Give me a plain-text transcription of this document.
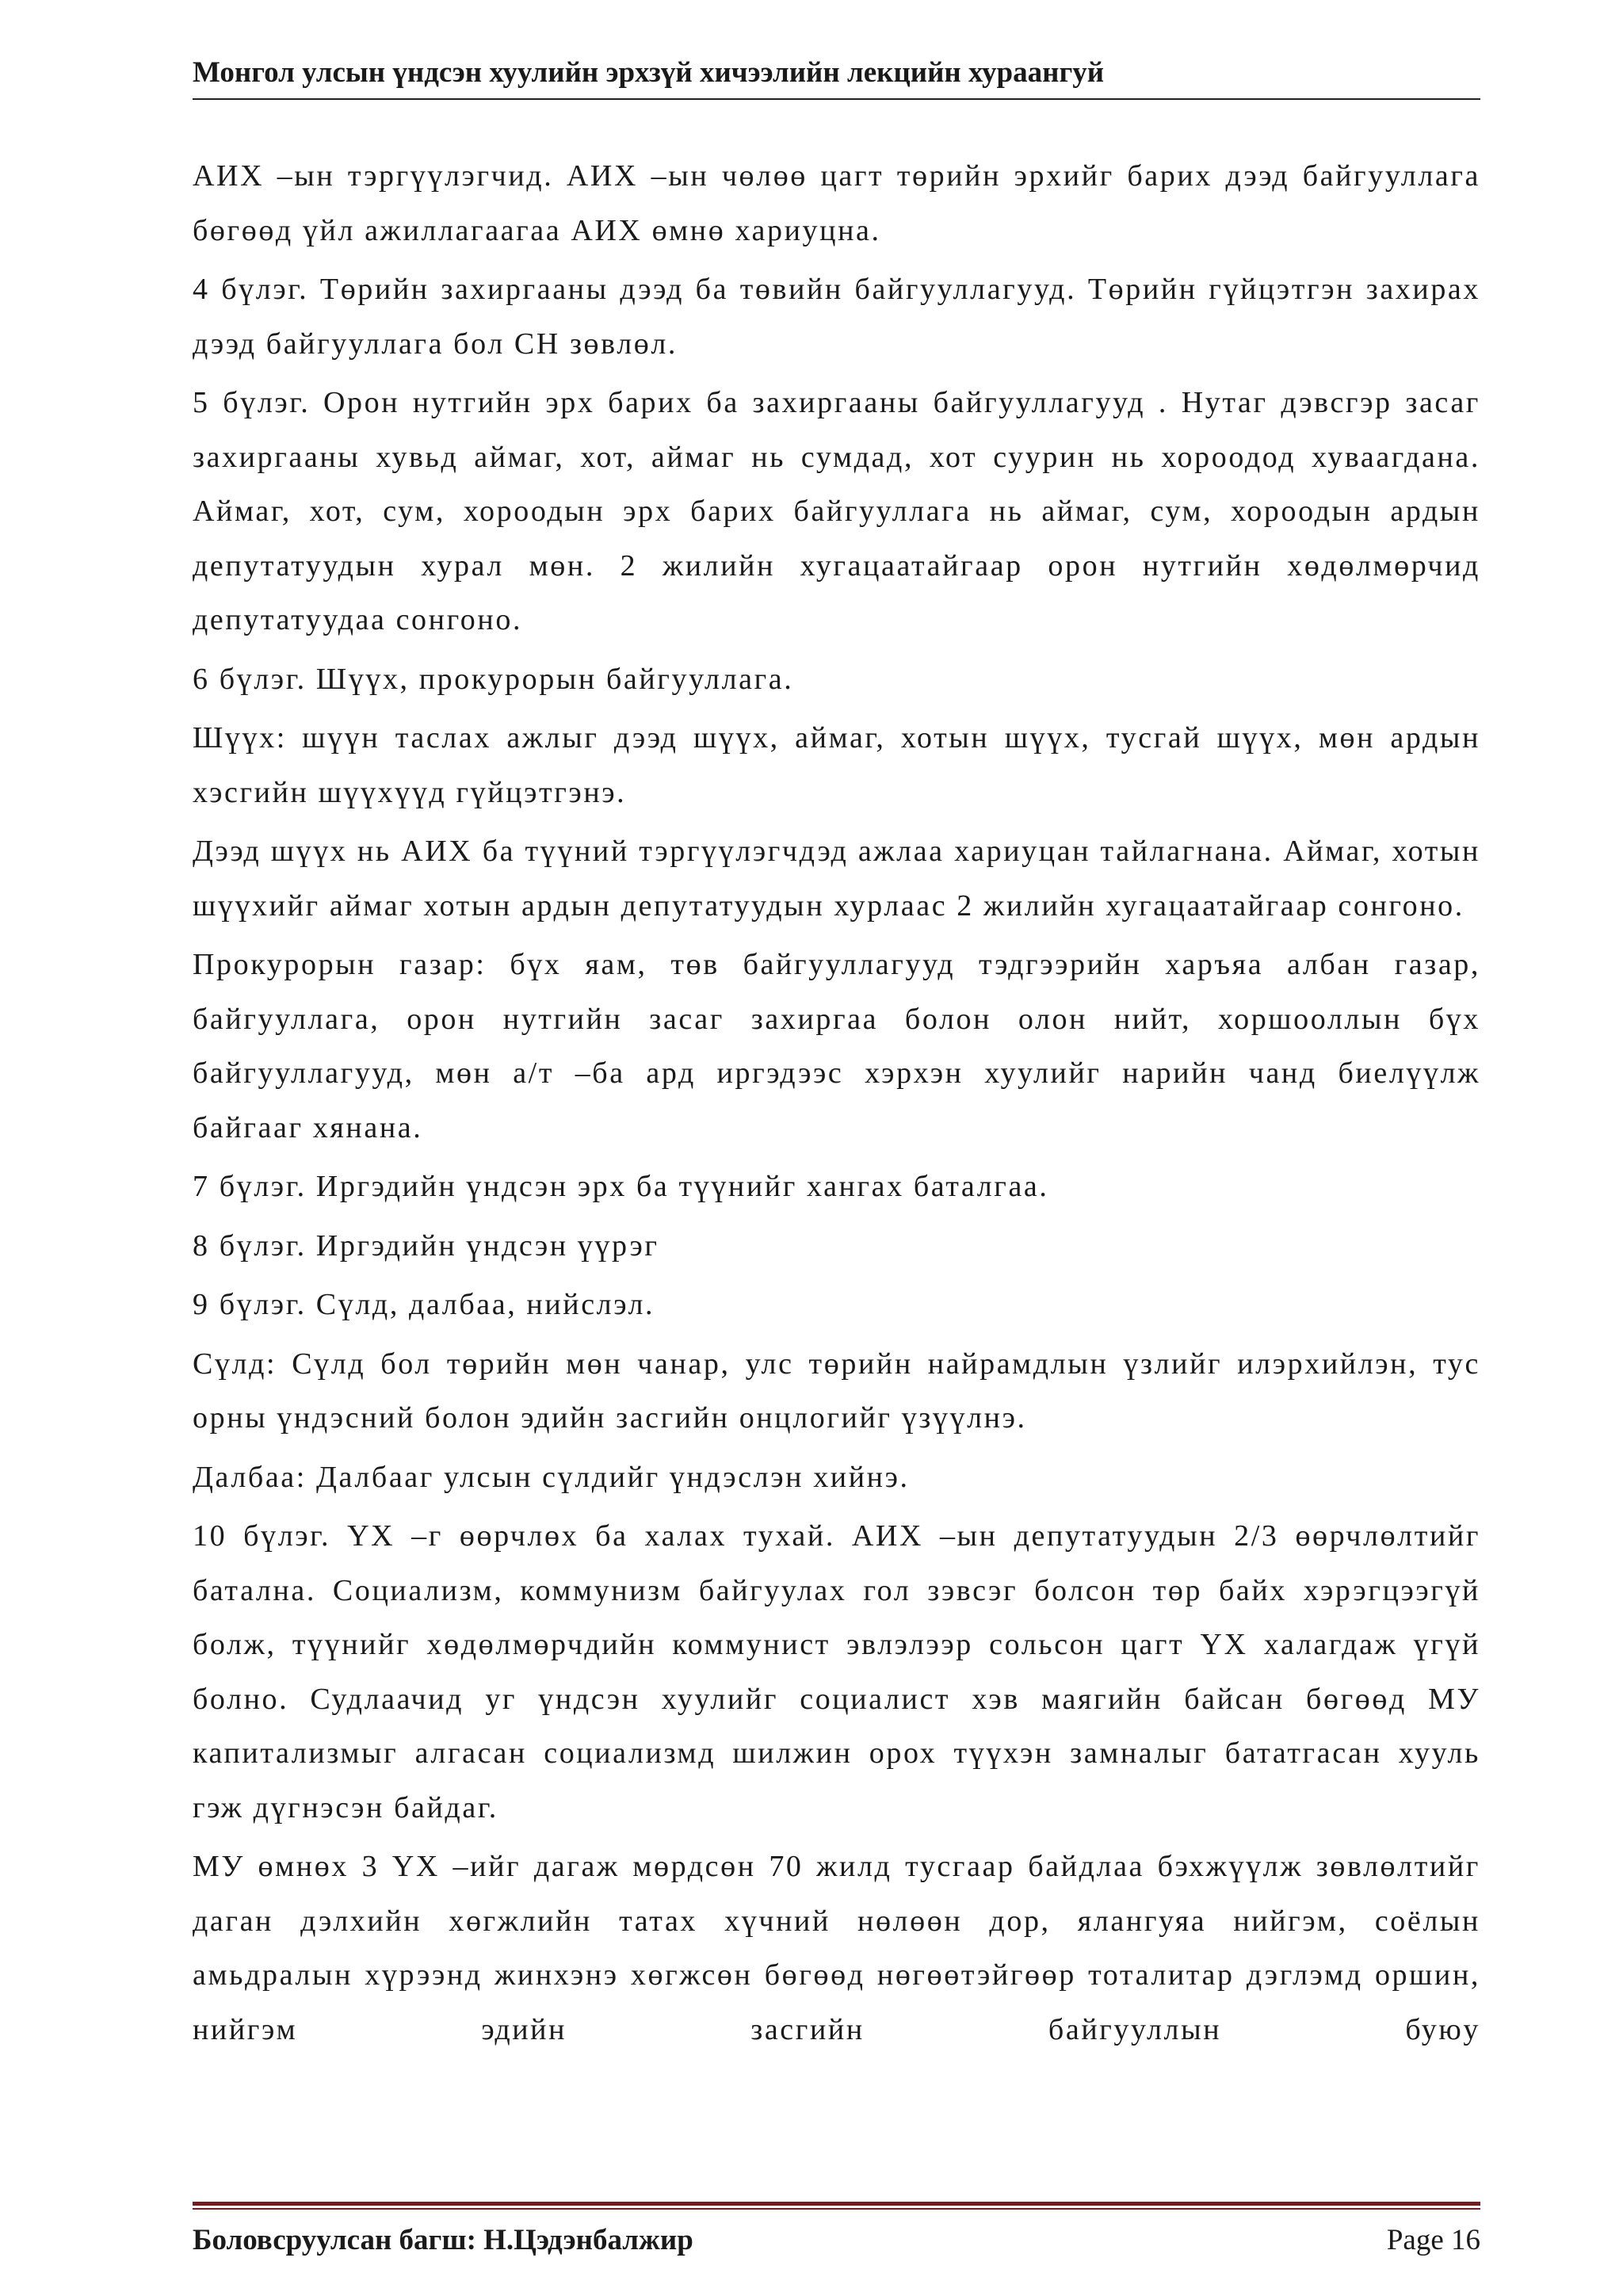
Монгол улсын үндсэн хуулийн эрхзүй хичээлийн лекцийн хураангуй

АИХ –ын тэргүүлэгчид. АИХ –ын чөлөө цагт төрийн эрхийг барих дээд байгууллага бөгөөд үйл ажиллагаагаа АИХ өмнө хариуцна.

4 бүлэг. Төрийн захиргааны дээд ба төвийн байгууллагууд. Төрийн гүйцэтгэн захирах дээд байгууллага бол СН зөвлөл.

5 бүлэг. Орон нутгийн эрх барих ба захиргааны байгууллагууд . Нутаг дэвсгэр засаг захиргааны хувьд аймаг, хот, аймаг нь сумдад, хот суурин нь хороодод хуваагдана. Аймаг, хот, сум, хороодын эрх барих байгууллага нь аймаг, сум, хороодын ардын депутатуудын хурал мөн. 2 жилийн хугацаатайгаар орон нутгийн хөдөлмөрчид депутатуудаа сонгоно.

6 бүлэг. Шүүх, прокурорын байгууллага.

Шүүх: шүүн таслах ажлыг дээд шүүх, аймаг, хотын шүүх, тусгай шүүх, мөн ардын хэсгийн шүүхүүд гүйцэтгэнэ.

Дээд шүүх нь АИХ ба түүний тэргүүлэгчдэд ажлаа хариуцан тайлагнана. Аймаг, хотын шүүхийг аймаг хотын ардын депутатуудын хурлаас 2 жилийн хугацаатайгаар сонгоно.

Прокурорын газар: бүх яам, төв байгууллагууд тэдгээрийн харъяа албан газар, байгууллага, орон нутгийн засаг захиргаа болон олон нийт, хоршооллын бүх байгууллагууд, мөн а/т –ба ард иргэдээс хэрхэн хуулийг нарийн чанд биелүүлж байгааг хянана.

7 бүлэг. Иргэдийн үндсэн эрх ба түүнийг хангах баталгаа.

8 бүлэг. Иргэдийн үндсэн үүрэг

9 бүлэг. Сүлд, далбаа, нийслэл.

Сүлд: Сүлд бол төрийн мөн чанар, улс төрийн найрамдлын үзлийг илэрхийлэн, тус орны үндэсний болон эдийн засгийн онцлогийг үзүүлнэ.

Далбаа: Далбааг улсын сүлдийг үндэслэн хийнэ.

10 бүлэг. ҮХ –г өөрчлөх ба халах тухай. АИХ –ын депутатуудын 2/3 өөрчлөлтийг батална. Социализм, коммунизм байгуулах гол зэвсэг болсон төр байх хэрэгцээгүй болж, түүнийг хөдөлмөрчдийн коммунист эвлэлээр сольсон цагт ҮХ халагдаж үгүй болно. Судлаачид уг үндсэн хуулийг социалист хэв маягийн байсан бөгөөд МУ капитализмыг алгасан социализмд шилжин орох түүхэн замналыг бататгасан хууль гэж дүгнэсэн байдаг.

МУ өмнөх 3 ҮХ –ийг дагаж мөрдсөн 70 жилд тусгаар байдлаа бэхжүүлж зөвлөлтийг даган дэлхийн хөгжлийн татах хүчний нөлөөн дор, ялангуяа нийгэм, соёлын амьдралын хүрээнд жинхэнэ хөгжсөн бөгөөд нөгөөтэйгөөр тоталитар дэглэмд оршин, нийгэм эдийн засгийн байгууллын буюу

Боловсруулсан багш: Н.Цэдэнбалжир	Page 16
